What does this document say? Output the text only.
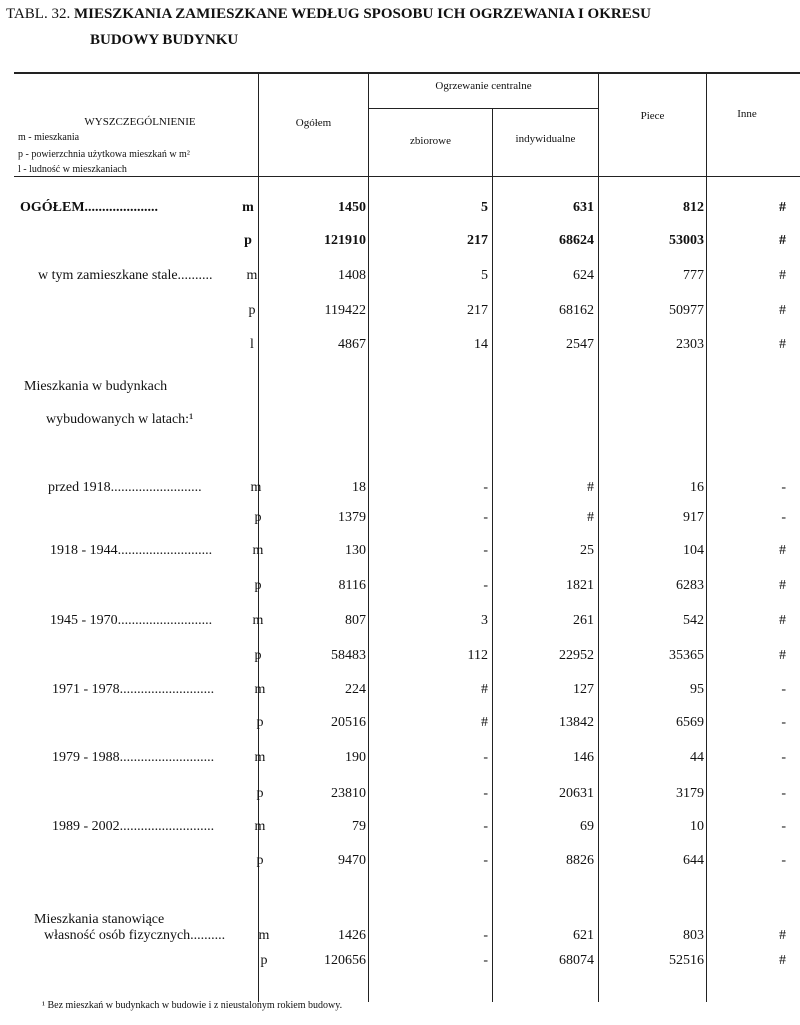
TABL. 32. MIESZKANIA ZAMIESZKANE WEDŁUG SPOSOBU ICH OGRZEWANIA I OKRESU
BUDOWY BUDYNKU
WYSZCZEGÓLNIENIE
m - mieszkania
p - powierzchnia użytkowa mieszkań w m²
l - ludność w mieszkaniach
Ogółem
Ogrzewanie centralne
zbiorowe	indywidualne
Piece	Inne
Mieszkania w budynkach
wybudowanych w latach:¹
Mieszkania stanowiące
OGÓŁEM.....................	m	1450	5	631	812	#
p	121910	217	68624	53003	#
w tym zamieszkane stale..........	m	1408	5	624	777	#
p	119422	217	68162	50977	#
l	4867	14	2547	2303	#
przed 1918..........................	m	18	-	#	16	-
p	1379	-	#	917	-
1918 - 1944...........................	m	130	-	25	104	#
p	8116	-	1821	6283	#
1945 - 1970...........................	m	807	3	261	542	#
p	58483	112	22952	35365	#
1971 - 1978...........................	m	224	#	127	95	-
p	20516	#	13842	6569	-
1979 - 1988...........................	m	190	-	146	44	-
p	23810	-	20631	3179	-
1989 - 2002...........................	m	79	-	69	10	-
p	9470	-	8826	644	-
własność osób fizycznych..........	m	1426	-	621	803	#
p	120656	-	68074	52516	#
¹ Bez mieszkań w budynkach w budowie i z nieustalonym rokiem budowy.
